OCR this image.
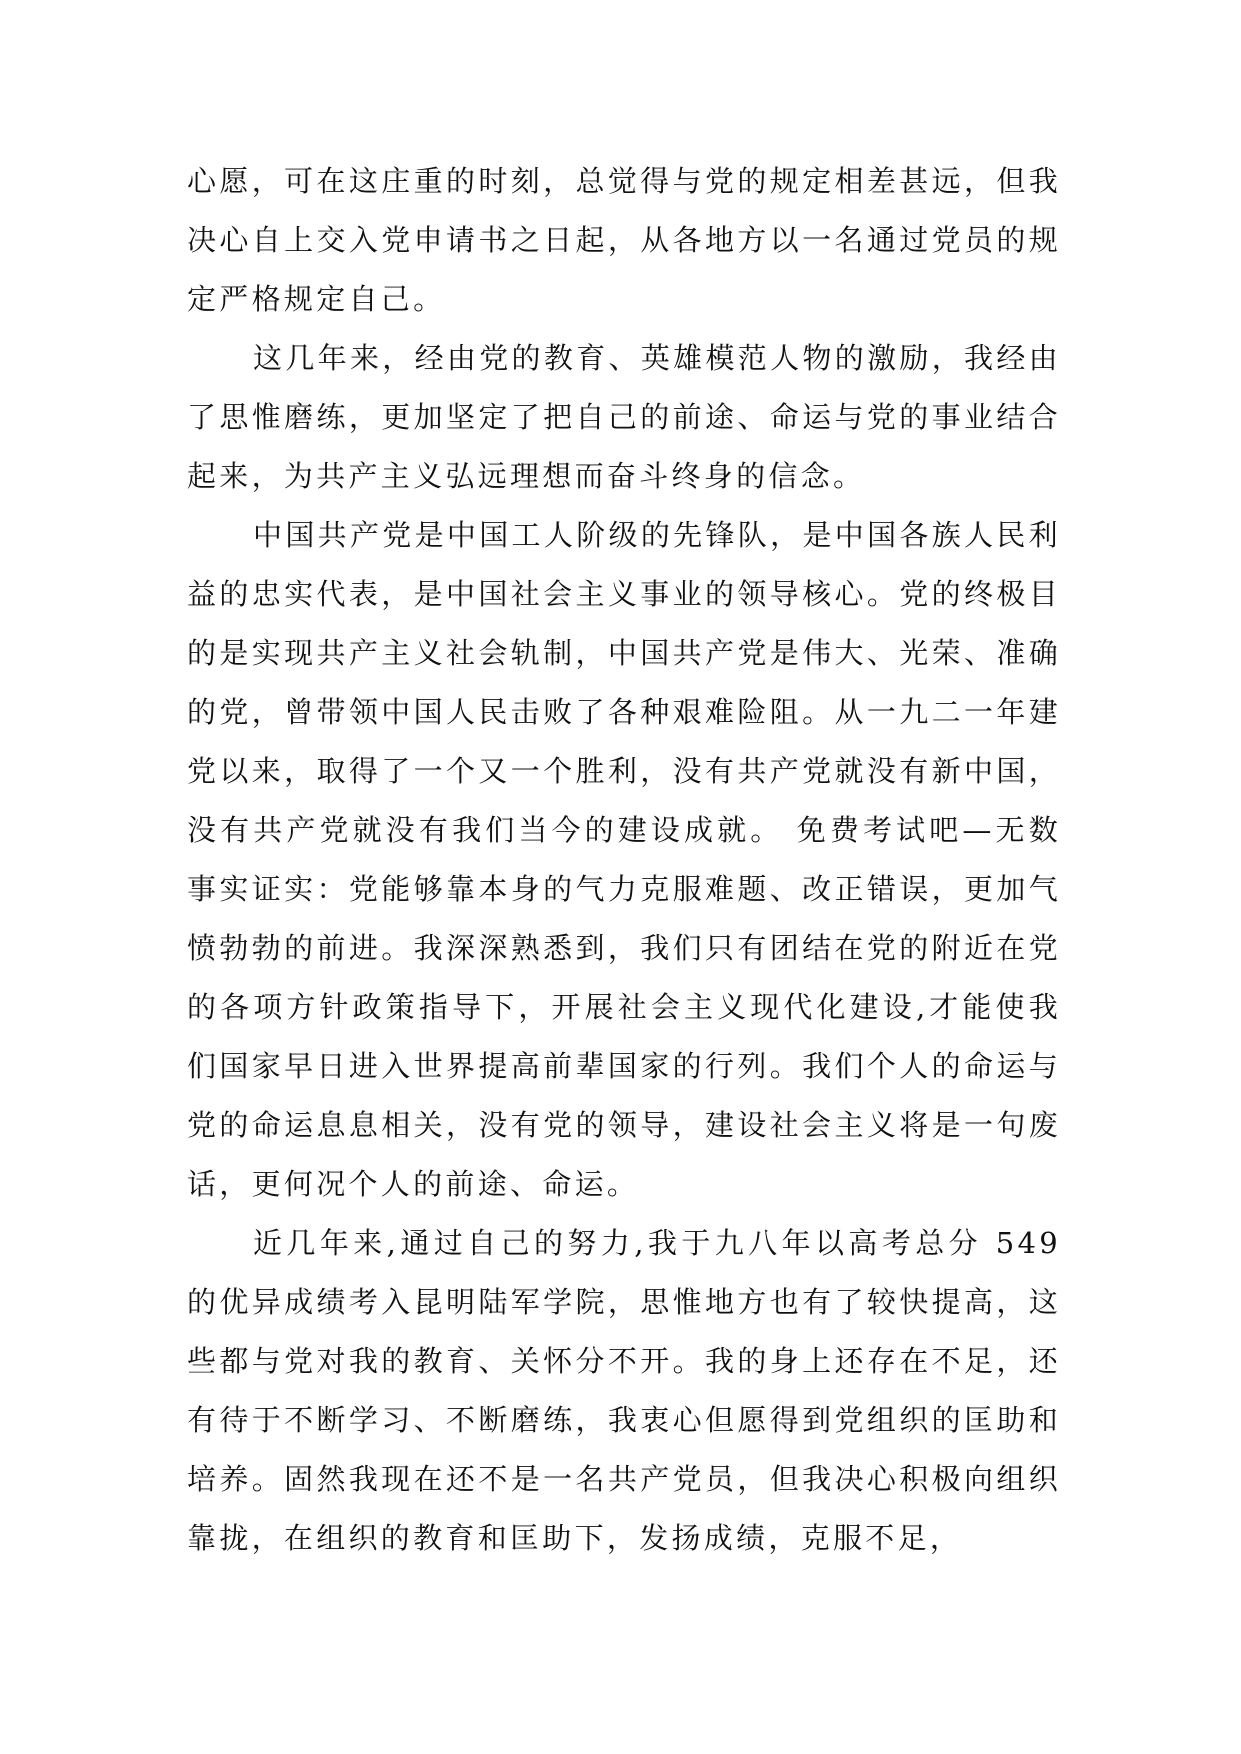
心愿，可在这庄重的时刻，总觉得与党的规定相差甚远，但我决心自上交入党申请书之日起，从各地方以一名通过党员的规定严格规定自己。

这几年来，经由党的教育、英雄模范人物的激励，我经由了思惟磨练，更加坚定了把自己的前途、命运与党的事业结合起来，为共产主义弘远理想而奋斗终身的信念。

中国共产党是中国工人阶级的先锋队，是中国各族人民利益的忠实代表，是中国社会主义事业的领导核心。党的终极目的是实现共产主义社会轨制，中国共产党是伟大、光荣、准确的党，曾带领中国人民击败了各种艰难险阻。从一九二一年建党以来，取得了一个又一个胜利，没有共产党就没有新中国，没有共产党就没有我们当今的建设成就。 免费考试吧—无数事实证实：党能够靠本身的气力克服难题、改正错误，更加气愤勃勃的前进。我深深熟悉到，我们只有团结在党的附近在党的各项方针政策指导下，开展社会主义现代化建设,才能使我们国家早日进入世界提高前辈国家的行列。我们个人的命运与党的命运息息相关，没有党的领导，建设社会主义将是一句废话，更何况个人的前途、命运。

近几年来,通过自己的努力,我于九八年以高考总分 549 的优异成绩考入昆明陆军学院，思惟地方也有了较快提高，这些都与党对我的教育、关怀分不开。我的身上还存在不足，还有待于不断学习、不断磨练，我衷心但愿得到党组织的匡助和培养。固然我现在还不是一名共产党员，但我决心积极向组织靠拢，在组织的教育和匡助下，发扬成绩，克服不足，
